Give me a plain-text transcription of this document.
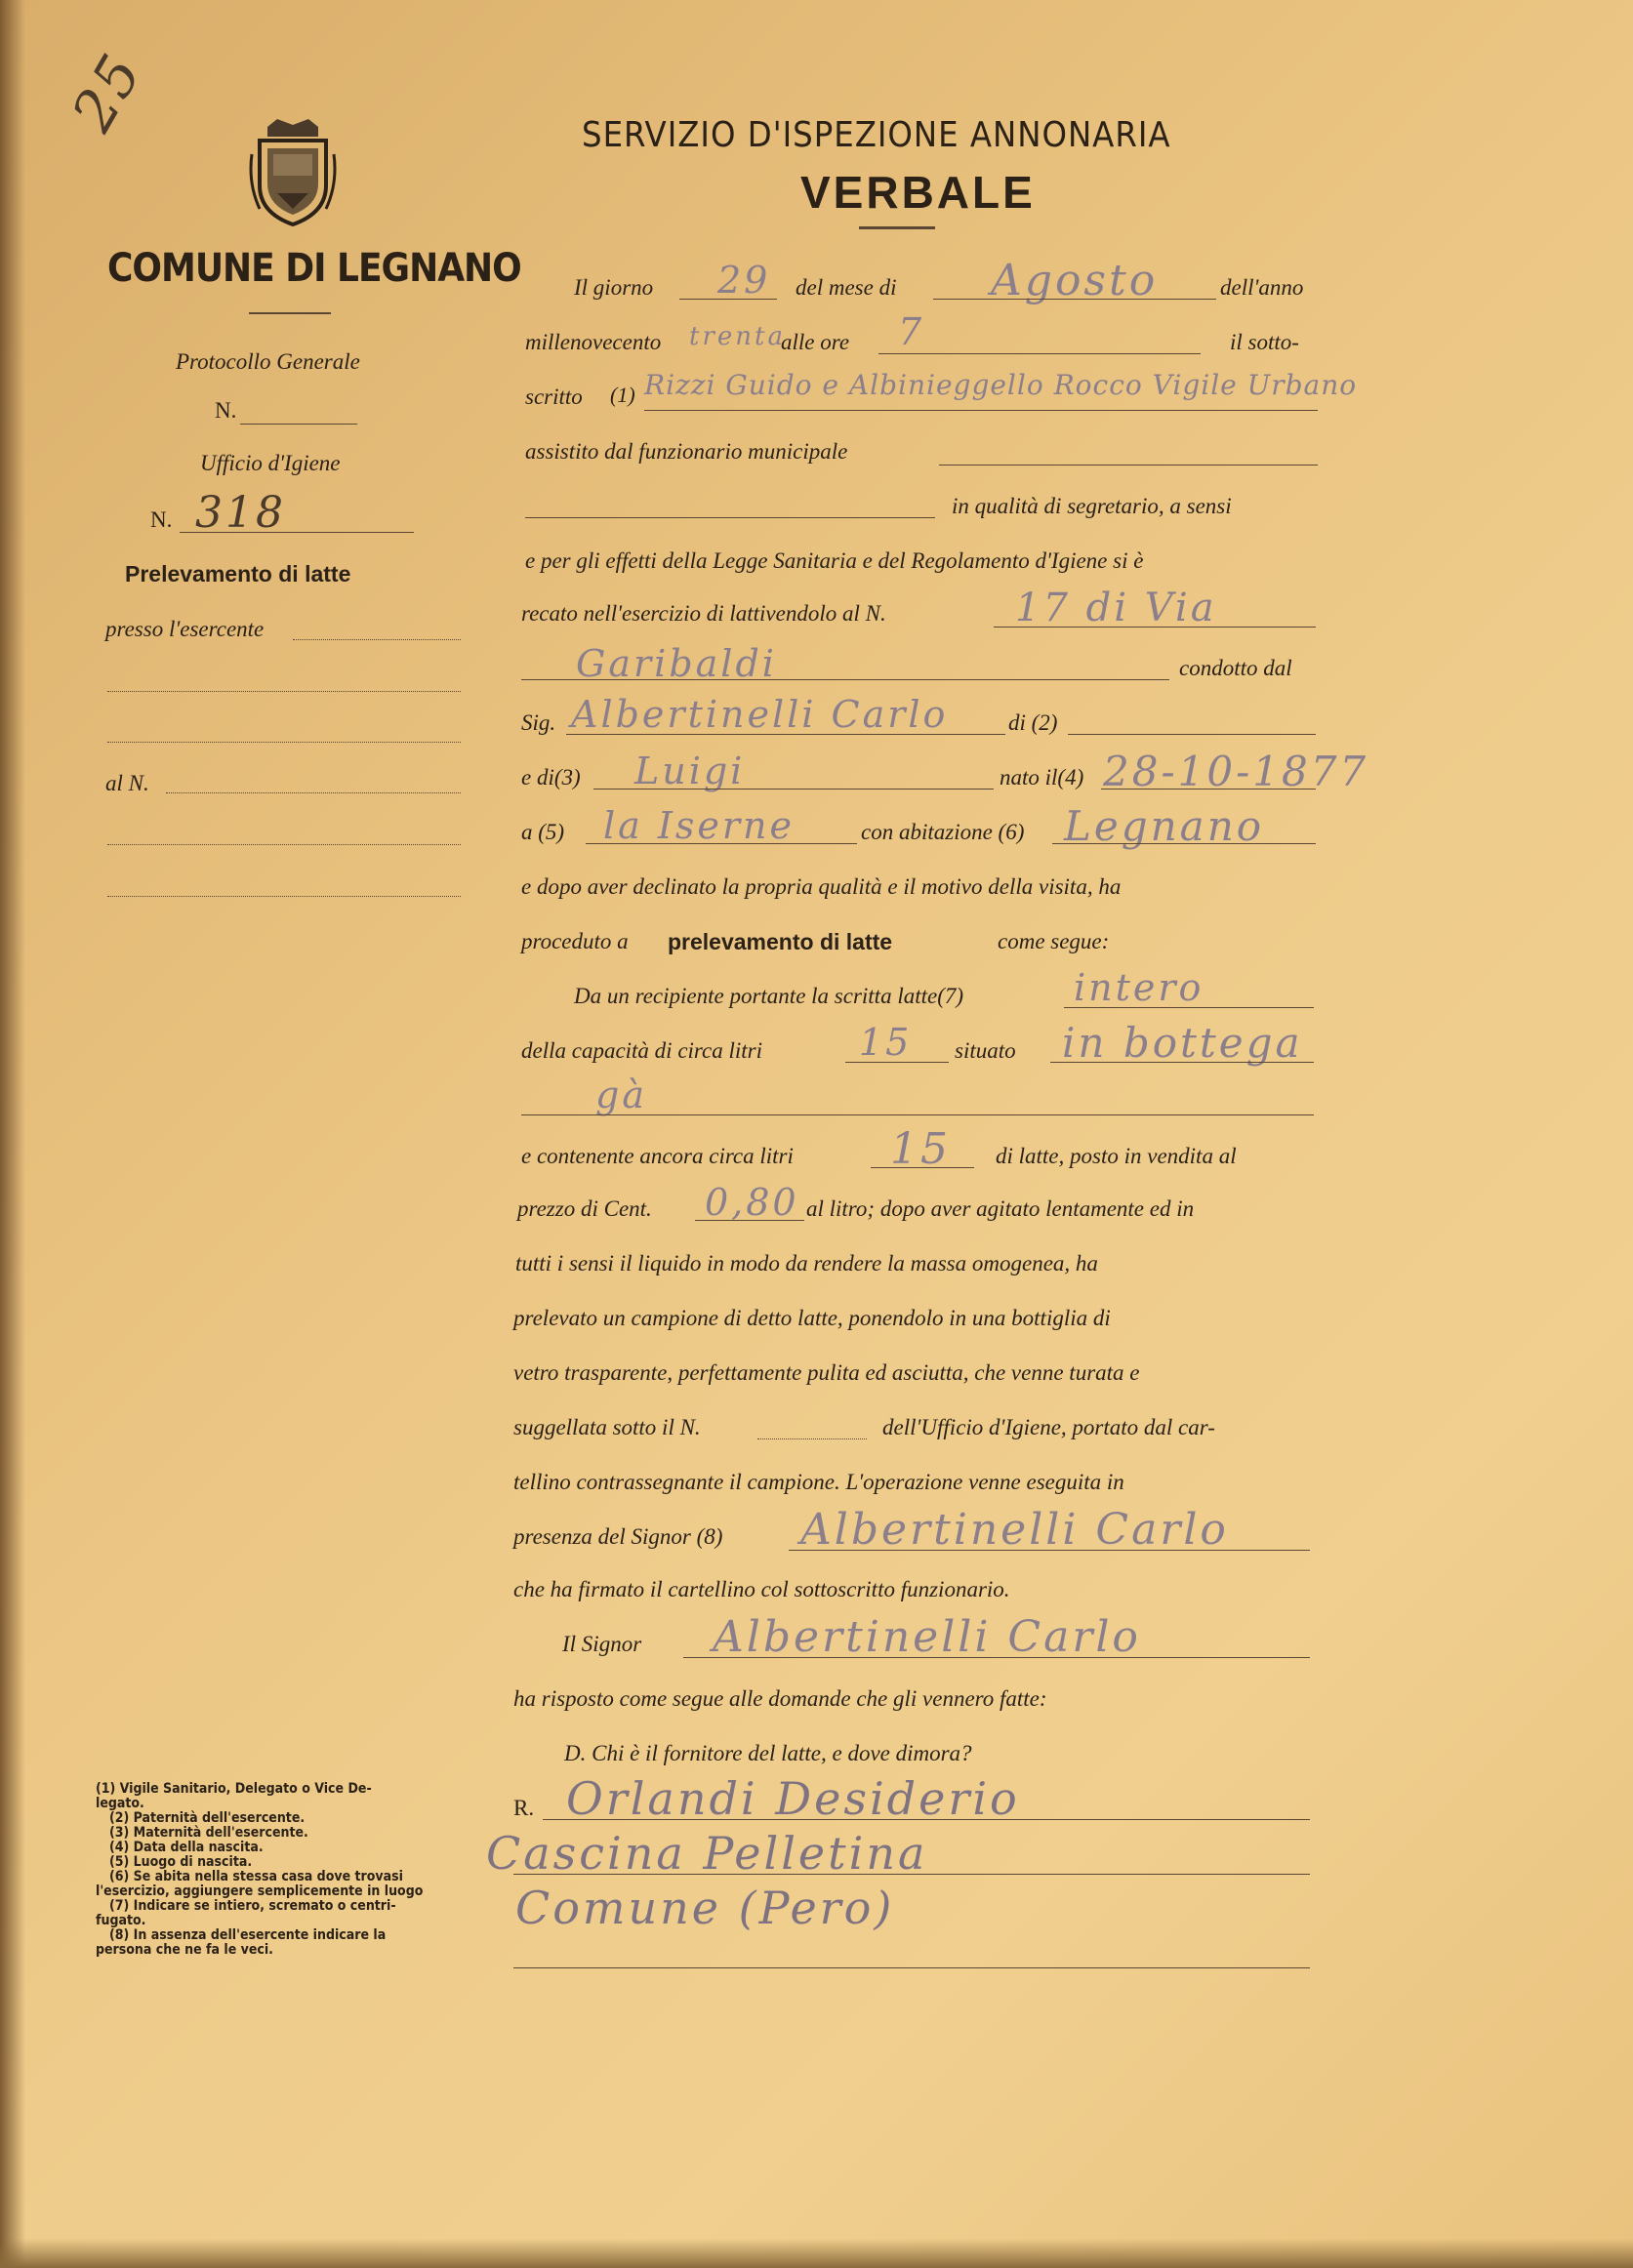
25
COMUNE DI LEGNANO
Protocollo Generale
N.
Ufficio d'Igiene
N. 318
Prelevamento di latte
presso l'esercente
al N.
(1) Vigile Sanitario, Delegato o Vice De-
legato.
(2) Paternità dell'esercente.
(3) Maternità dell'esercente.
(4) Data della nascita.
(5) Luogo di nascita.
(6) Se abita nella stessa casa dove trovasi
l'esercizio, aggiungere semplicemente in luogo
(7) Indicare se intiero, scremato o centri-
fugato.
(8) In assenza dell'esercente indicare la
persona che ne fa le veci.
SERVIZIO D'ISPEZIONE ANNONARIA
VERBALE
Il giorno 29 del mese di Agosto	dell'anno
millenovecento trenta
alle ore 7	il sotto-
scritto (1) Rizzi Guido e Albinieggello Rocco Vigile Urbano
assistito dal funzionario municipale
in qualità di segretario, a sensi
e per gli effetti della Legge Sanitaria e del Regolamento d'Igiene si è
recato nell'esercizio di lattivendolo al N.	17 di Via
Garibaldi	condotto dal
Sig. Albertinelli Carlo	di (2)
e di(3) Luigi	nato il(4) 28-10-1877
a (5) la Iserne	con abitazione (6) Legnano
e dopo aver declinato la propria qualità e il motivo della visita, ha
proceduto a prelevamento di latte	come segue:
Da un recipiente portante la scritta latte(7)	intero
della capacità di circa litri	15 situato in bottega
gà
e contenente ancora circa litri 15 di latte, posto in vendita al
prezzo di Cent. 0,80 al litro; dopo aver agitato lentamente ed in
tutti i sensi il liquido in modo da rendere la massa omogenea, ha
prelevato un campione di detto latte, ponendolo in una bottiglia di
vetro trasparente, perfettamente pulita ed asciutta, che venne turata e
suggellata sotto il N.	dell'Ufficio d'Igiene, portato dal car-
tellino contrassegnante il campione. L'operazione venne eseguita in
presenza del Signor (8) Albertinelli Carlo
che ha firmato il cartellino col sottoscritto funzionario.
Il Signor Albertinelli Carlo
ha risposto come segue alle domande che gli vennero fatte:
D. Chi è il fornitore del latte, e dove dimora?
R. Orlandi Desiderio
Cascina Pelletina
Comune (Pero)
